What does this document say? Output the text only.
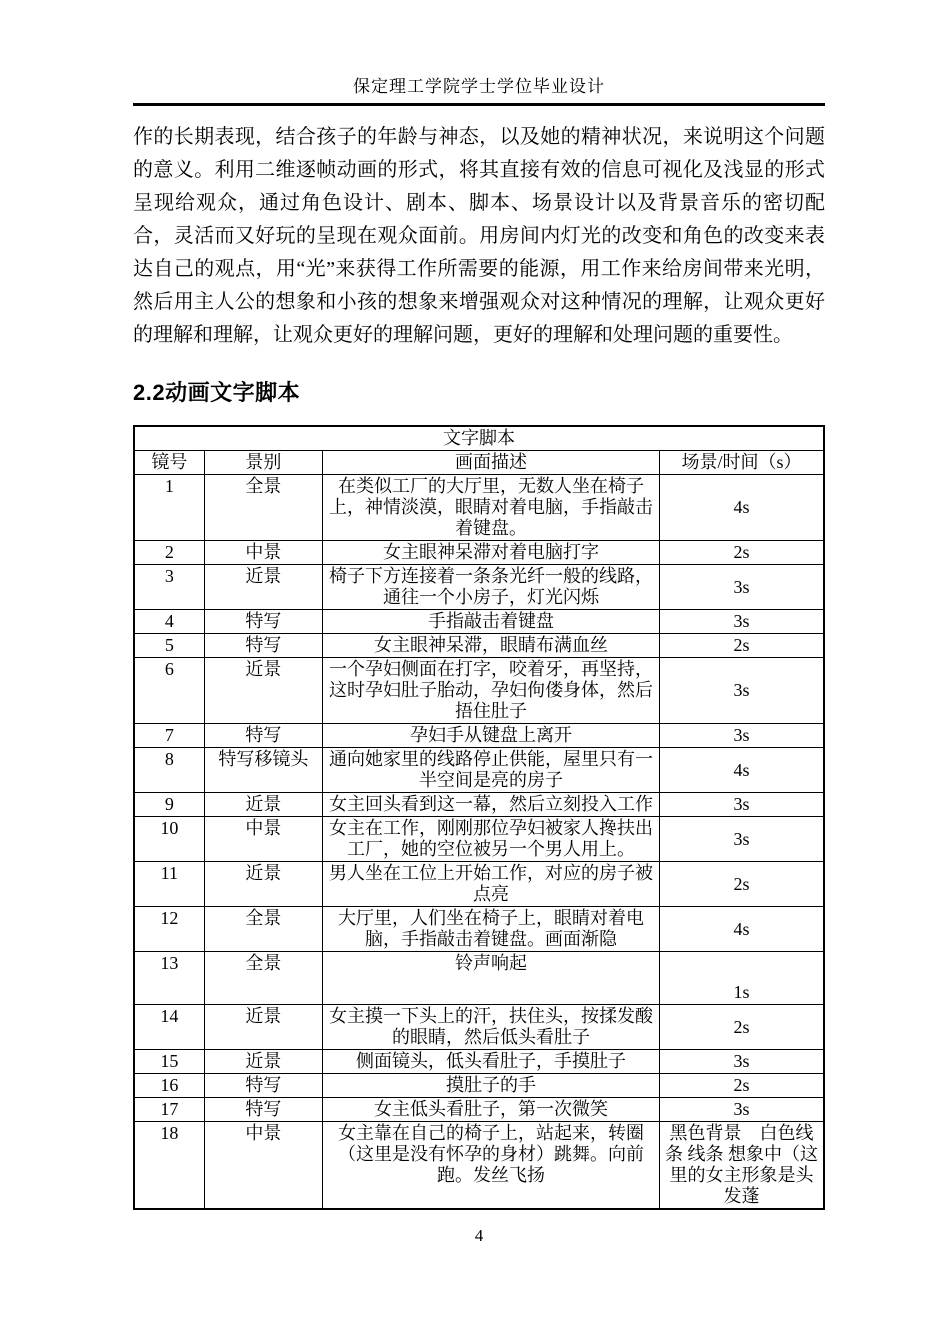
保定理工学院学士学位毕业设计

作的长期表现，结合孩子的年龄与神态，以及她的精神状况，来说明这个问题的意义。利用二维逐帧动画的形式，将其直接有效的信息可视化及浅显的形式呈现给观众，通过角色设计、剧本、脚本、场景设计以及背景音乐的密切配合，灵活而又好玩的呈现在观众面前。用房间内灯光的改变和角色的改变来表达自己的观点，用“光”来获得工作所需要的能源，用工作来给房间带来光明，然后用主人公的想象和小孩的想象来增强观众对这种情况的理解，让观众更好的理解和理解，让观众更好的理解问题，更好的理解和处理问题的重要性。

2.2动画文字脚本
文字脚本			
镜号	景别	画面描述	场景/时间（s）
1	全景	在类似工厂的大厅里，无数人坐在椅子上，神情淡漠，眼睛对着电脑，手指敲击着键盘。	4s
2	中景	女主眼神呆滞对着电脑打字	2s
3	近景	椅子下方连接着一条条光纤一般的线路，通往一个小房子，灯光闪烁	3s
4	特写	手指敲击着键盘	3s
5	特写	女主眼神呆滞，眼睛布满血丝	2s
6	近景	一个孕妇侧面在打字，咬着牙，再坚持，这时孕妇肚子胎动，孕妇佝偻身体，然后捂住肚子	3s
7	特写	孕妇手从键盘上离开	3s
8	特写移镜头	通向她家里的线路停止供能，屋里只有一半空间是亮的房子	4s
9	近景	女主回头看到这一幕，然后立刻投入工作	3s
10	中景	女主在工作，刚刚那位孕妇被家人搀扶出工厂，她的空位被另一个男人用上。	3s
11	近景	男人坐在工位上开始工作，对应的房子被点亮	2s
12	全景	大厅里，人们坐在椅子上，眼睛对着电脑，手指敲击着键盘。画面渐隐	4s
13	全景	铃声响起	1s
14	近景	女主摸一下头上的汗，扶住头，按揉发酸的眼睛，然后低头看肚子	2s
15	近景	侧面镜头，低头看肚子，手摸肚子	3s
16	特写	摸肚子的手	2s
17	特写	女主低头看肚子，第一次微笑	3s
18	中景	女主靠在自己的椅子上，站起来，转圈（这里是没有怀孕的身材）跳舞。向前跑。发丝飞扬	黑色背景　白色线条 线条 想象中（这里的女主形象是头发蓬
4
